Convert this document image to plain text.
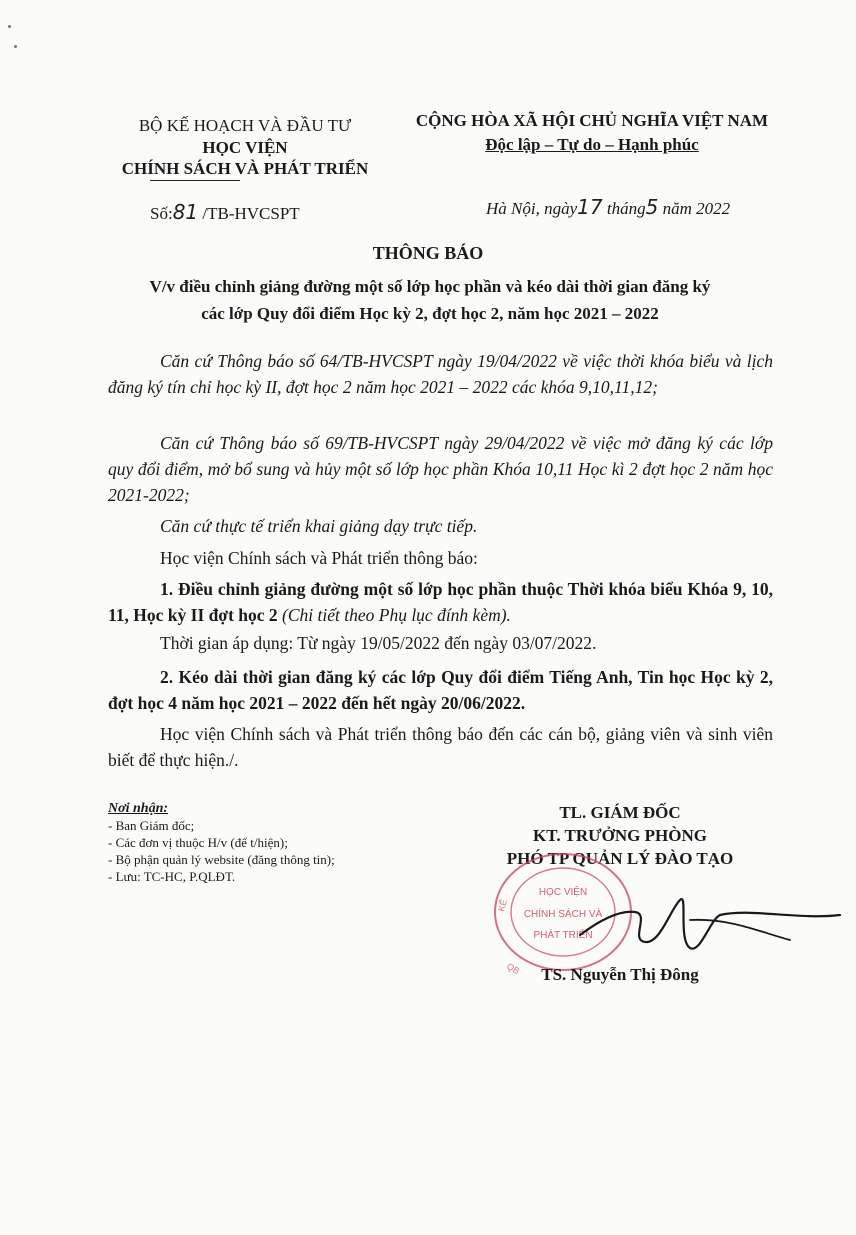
BỘ KẾ HOẠCH VÀ ĐẦU TƯ
HỌC VIỆN
CHÍNH SÁCH VÀ PHÁT TRIỂN
CỘNG HÒA XÃ HỘI CHỦ NGHĨA VIỆT NAM
Độc lập – Tự do – Hạnh phúc
Số:81 /TB-HVCSPT	Hà Nội, ngày17 tháng5 năm 2022
THÔNG BÁO
V/v điều chỉnh giảng đường một số lớp học phần và kéo dài thời gian đăng ký
các lớp Quy đổi điểm Học kỳ 2, đợt học 2, năm học 2021 – 2022
Căn cứ Thông báo số 64/TB-HVCSPT ngày 19/04/2022 về việc thời khóa biểu và lịch đăng ký tín chỉ học kỳ II, đợt học 2 năm học 2021 – 2022 các khóa 9,10,11,12;
Căn cứ Thông báo số 69/TB-HVCSPT ngày 29/04/2022 về việc mở đăng ký các lớp quy đổi điểm, mở bổ sung và hủy một số lớp học phần Khóa 10,11 Học kì 2 đợt học 2 năm học 2021-2022;
Căn cứ thực tế triển khai giảng dạy trực tiếp.
Học viện Chính sách và Phát triển thông báo:
1. Điều chỉnh giảng đường một số lớp học phần thuộc Thời khóa biểu Khóa 9, 10, 11, Học kỳ II đợt học 2 (Chi tiết theo Phụ lục đính kèm).
Thời gian áp dụng: Từ ngày 19/05/2022 đến ngày 03/07/2022.
2. Kéo dài thời gian đăng ký các lớp Quy đổi điểm Tiếng Anh, Tin học Học kỳ 2, đợt học 4 năm học 2021 – 2022 đến hết ngày 20/06/2022.
Học viện Chính sách và Phát triển thông báo đến các cán bộ, giảng viên và sinh viên biết để thực hiện./.
Nơi nhận:
- Ban Giám đốc;
- Các đơn vị thuộc H/v (để t/hiện);
- Bộ phận quản lý website (đăng thông tin);
- Lưu: TC-HC, P.QLĐT.
TL. GIÁM ĐỐC
KT. TRƯỞNG PHÒNG
PHÓ TP QUẢN LÝ ĐÀO TẠO
HỌC VIỆN
CHÍNH SÁCH VÀ
PHÁT TRIỂN
KẾ
QB	TS. Nguyễn Thị Đông
